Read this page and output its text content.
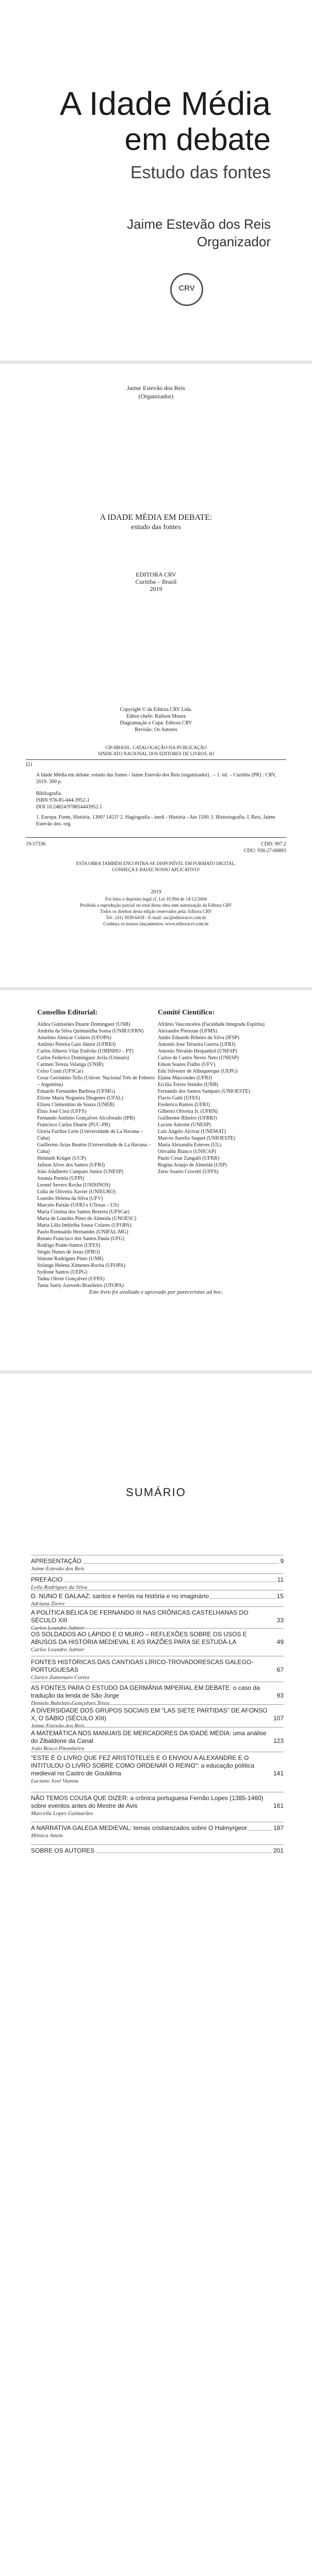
A Idade Média
em debate
Estudo das fontes
Jaime Estevão dos Reis
Organizador
CRV
Jaime Estevão dos Reis
(Organizador)
A IDADE MÉDIA EM DEBATE:
estudo das fontes
EDITORA CRV
Curitiba – Brasil
2019
Copyright © da Editora CRV Ltda.
Editor-chefe: Railson Moura
Diagramação e Capa: Editora CRV
Revisão: Os Autores
CIP-BRASIL. CATALOGAÇÃO-NA-PUBLICAÇÃO
SINDICATO NACIONAL DOS EDITORES DE LIVROS, RJ
I21
A Idade Média em debate: estudo das fontes / Jaime Estevão dos Reis (organizador) . – 1. ed. – Curitiba [PR] : CRV, 2019. 300 p.
Bibliografia
ISBN 978-85-444-3952-1
DOI 10.24824/978854443952.1
1. Europa. Fonte, História. 1300? 1453? 2. Hagiografia - inedi - História - Ato 1500. I. Historiografia. I. Reis, Jaime Estevão dos. org.
19-57336	CDD: 907.2
CDU: 930.27-06893
ESTA OBRA TAMBÉM ENCONTRA-SE DISPONÍVEL EM FORMATO DIGITAL.
CONHEÇA E BAIXE NOSSO APLICATIVO!
2019
Foi feito o depósito legal cf. Lei 10.994 de 14/12/2004
Proibida a reprodução parcial ou total desta obra sem autorização da Editora CRV
Todos os direitos desta edição reservados pela: Editora CRV
Tel.: (41) 3039-6418 - E-mail: sac@editoracrv.com.br
Conheça os nossos lançamentos: www.editoracrv.com.br
Conselho Editorial:	Comitê Científico:
Aldira Guimarães Duarte Domínguez (UNB)
Andréia da Silva Quintanilha Sousa (UNIR/UFRN)
Anselmo Alencar Colares (UFOPA)
Antônio Pereira Gaio Júnior (UFRRJ)
Carlos Alberto Vilar Estêvão (UMINHO – PT)
Carlos Federico Dominguez Avila (Unieuro)
Carmen Tereza Velanga (UNIR)
Celso Conti (UFSCar)
Cesar Gerónimo Tello (Univer. Nacional Três de Febrero – Argentina)
Eduardo Fernandes Barbosa (UFMG)
Elione Maria Nogueira Diogenes (UFAL)
Elizeu Clementino de Souza (UNEB)
Élsio José Corá (UFFS)
Fernando Antônio Gonçalves Alcoforado (IPB)
Francisco Carlos Duarte (PUC-PR)
Gloria Fariñas León (Universidade de La Havana – Cuba)
Guillermo Arias Beatón (Universidade de La Havana – Cuba)
Helmuth Krüger (UCP)
Jailson Alves dos Santos (UFRJ)
João Adalberto Campato Junior (UNESP)
Josania Portela (UFPI)
Leonel Severo Rocha (UNISINOS)
Lídia de Oliveira Xavier (UNIEURO)
Lourdes Helena da Silva (UFV)
Marcelo Paixão (UFRJ e UTexas – US)
Maria Cristina dos Santos Bezerra (UFSCar)
Maria de Lourdes Pinto de Almeida (UNOESC)
Maria Lília Imbiriba Sousa Colares (UFOPA)
Paulo Romualdo Hernandes (UNIFAL-MG)
Renato Francisco dos Santos Paula (UFG)
Rodrigo Pratte-Santos (UFES)
Sérgio Nunes de Jesus (IFRO)
Simone Rodrigues Pinto (UNB)
Solange Helena Ximenes-Rocha (UFOPA)
Sydione Santos (UEPG)
Tadeu Oliver Gonçalves (UFPA)
Tania Suely Azevedo Brasileiro (UFOPA)
Afrânio Vasconcelos (Faculdade Integrada Espírita)
Alexandre Pierezan (UFMS)
Andre Eduardo Ribeiro da Silva (IFSP)
Antonio Jose Teixeira Guerra (UFRJ)
Antonio Nivaldo Hespanhol (UNESP)
Carlos de Castro Neves Neto (UNESP)
Edson Soares Fialho (UFV)
Edu Silvestre de Albuquerque (UEPG)
Elaine Marcondes (UFRJ)
Ercilia Torres Steinke (UNB)
Fernando dos Santos Sampaio (UNIOESTE)
Flavio Gatti (UFES)
Frederico Ramos (UFRJ)
Gilberto Oliveira Jr. (UFRN)
Guilherme Ribeiro (UFRRJ)
Lucien Antoine (UNESP)
Luis Angelo Alcivar (UNEMAT)
Marcos Aurelio Saquet (UNIOESTE)
Maria Alexandra Esteves (UL)
Orivaldo Bianco (UNICAP)
Paulo Cesar Zangalli (UFRR)
Regina Araujo de Almeida (USP)
Zeno Soares Crocetti (UFFS)
Este livro foi avaliado e aprovado por pareceristas ad hoc.
SUMÁRIO
APRESENTAÇÃO	9
Jaime Estevão dos Reis
PREFÁCIO	11
Leila Rodrigues da Silva
D. NUNO E GALAAZ: santos e heróis na história e no imaginário	15
Adriana Zierer
A POLÍTICA BÉLICA DE FERNANDO III NAS CRÔNICAS CASTELHANAS DO SÉCULO XIII	33
Carlos Leandro Juttner
OS SOLDADOS AO LÁPIDO E O MURO – REFLEXÕES SOBRE OS USOS E ABUSOS DA HISTÓRIA MEDIEVAL E AS RAZÕES PARA SE ESTUDÁ-LA	49
Carlos Leandro Juttner
FONTES HISTÓRICAS DAS CANTIGAS LÍRICO-TROVADORESCAS GALEGO-PORTUGUESAS	67
Clarice Zamonaro Cortez
AS FONTES PARA O ESTUDO DA GERMÂNIA IMPERIAL EM DEBATE: o caso da tradução da lenda de São Jorge	93
Daniele Bahrlair-Gonçalves Terra
A DIVERSIDADE DOS GRUPOS SOCIAIS EM "LAS SIETE PARTIDAS" DE AFONSO X, O SÁBIO (SÉCULO XIII)	107
Jaime Estevão dos Reis
A MATEMÁTICA NOS MANUAIS DE MERCADORES DA IDADE MÉDIA: uma análise do Zibaldone da Canal	123
João Bosco Pitombeira
"ESTE É O LIVRO QUE FEZ ARISTÓTELES E O ENVIOU A ALEXANDRE E O INTITULOU O LIVRO SOBRE COMO ORDENAR O REINO": a educação política medieval no Castro de Gouldima	141
Luciano José Vianna
NÃO TEMOS COUSA QUE DIZER: a crônica portuguesa Fernão Lopes (1385-1460) sobre eventos antes do Mestre de Avis	161
Marcella Lopes Guimarães
A NARRATIVA GALEGA MEDIEVAL: temas cristianizados sobre O Halmyrgeor	187
Mônica Amim
SOBRE OS AUTORES	201
